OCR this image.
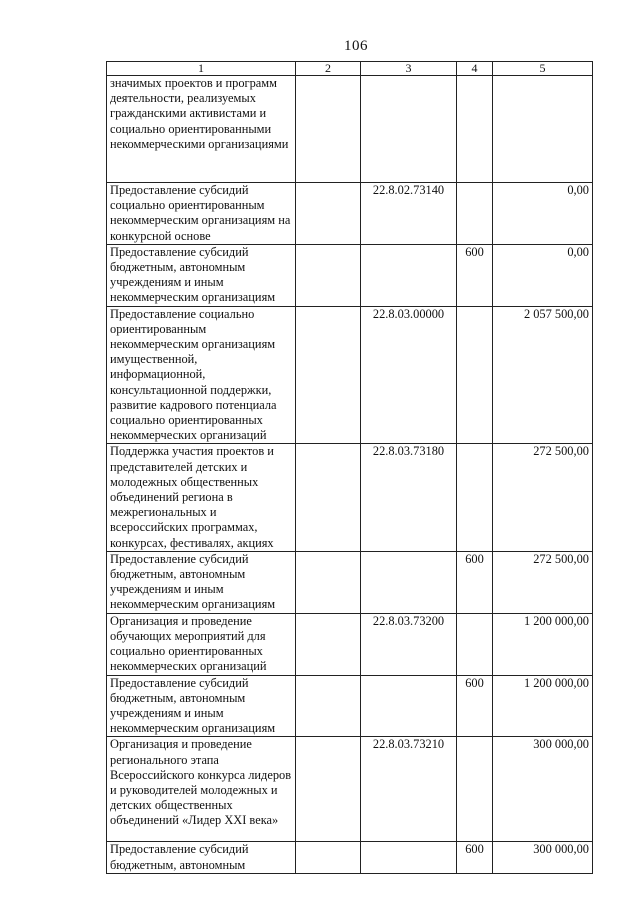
106
1	2	3	4	5
значимых проектов и программ деятельности, реализуемых гражданскими активистами и социально ориентированными некоммерческими организациями				
Предоставление субсидий социально ориентированным некоммерческим организациям на конкурсной основе		22.8.02.73140		0,00
Предоставление субсидий бюджетным, автономным учреждениям и иным некоммерческим организациям			600	0,00
Предоставление социально ориентированным некоммерческим организациям имущественной, информационной, консультационной поддержки, развитие кадрового потенциала социально ориентированных некоммерческих организаций		22.8.03.00000		2 057 500,00
Поддержка участия проектов и представителей детских и молодежных общественных объединений региона в межрегиональных и всероссийских программах, конкурсах, фестивалях, акциях		22.8.03.73180		272 500,00
Предоставление субсидий бюджетным, автономным учреждениям и иным некоммерческим организациям			600	272 500,00
Организация и проведение обучающих мероприятий для социально ориентированных некоммерческих организаций		22.8.03.73200		1 200 000,00
Предоставление субсидий бюджетным, автономным учреждениям и иным некоммерческим организациям			600	1 200 000,00
Организация и проведение регионального этапа Всероссийского конкурса лидеров и руководителей молодежных и детских общественных объединений «Лидер XXI века»		22.8.03.73210		300 000,00
Предоставление субсидий бюджетным, автономным			600	300 000,00
